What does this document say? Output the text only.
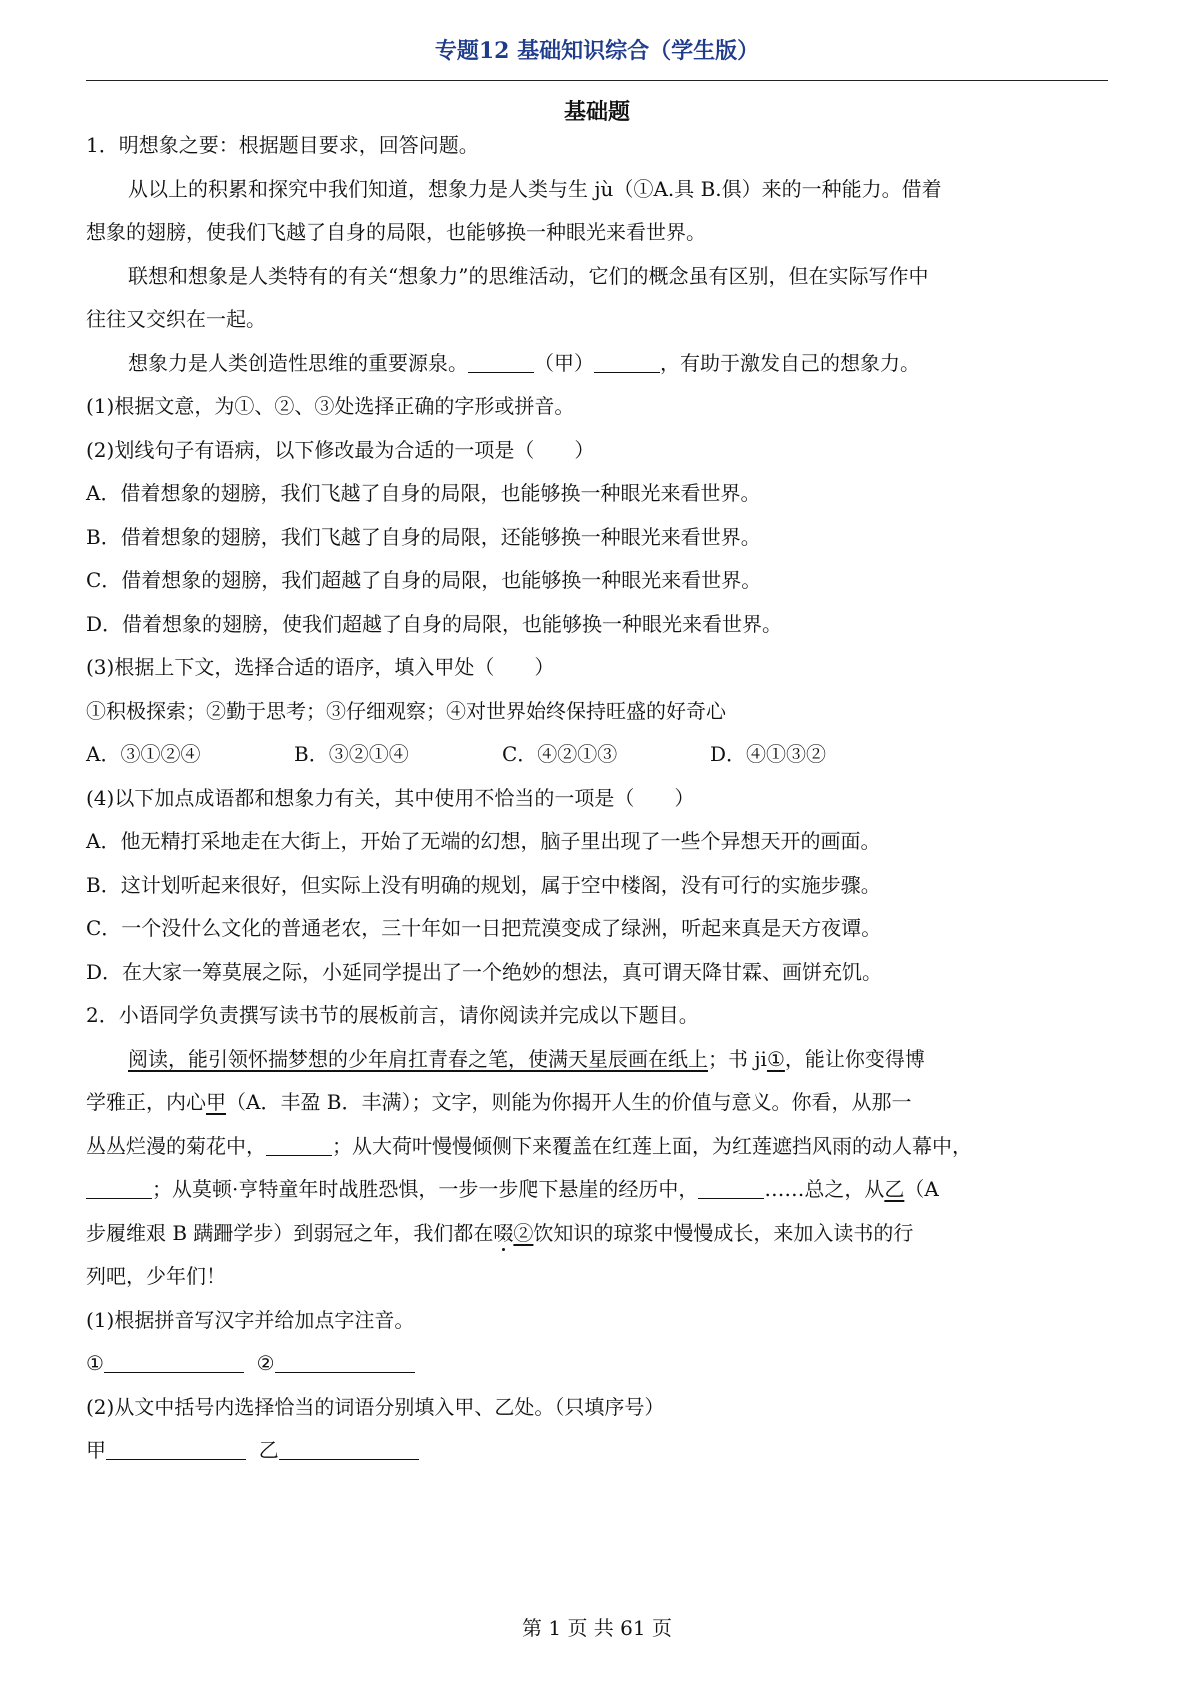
专题12 基础知识综合（学生版）
基础题
1．明想象之要：根据题目要求，回答问题。
从以上的积累和探究中我们知道，想象力是人类与生 jù（①A.具 B.俱）来的一种能力。借着
想象的翅膀，使我们飞越了自身的局限，也能够换一种眼光来看世界。
联想和想象是人类特有的有关“想象力”的思维活动，它们的概念虽有区别，但在实际写作中
往往又交织在一起。
想象力是人类创造性思维的重要源泉。	（甲）	，有助于激发自己的想象力。
(1)根据文意，为①、②、③处选择正确的字形或拼音。
(2)划线句子有语病，以下修改最为合适的一项是（　　）
A．借着想象的翅膀，我们飞越了自身的局限，也能够换一种眼光来看世界。
B．借着想象的翅膀，我们飞越了自身的局限，还能够换一种眼光来看世界。
C．借着想象的翅膀，我们超越了自身的局限，也能够换一种眼光来看世界。
D．借着想象的翅膀，使我们超越了自身的局限，也能够换一种眼光来看世界。
(3)根据上下文，选择合适的语序，填入甲处（　　）
①积极探索；②勤于思考；③仔细观察；④对世界始终保持旺盛的好奇心
A．③①②④	B．③②①④	C．④②①③	D．④①③②
(4)以下加点成语都和想象力有关，其中使用不恰当的一项是（　　）
A．他无精打采地走在大街上，开始了无端的幻想，脑子里出现了一些个异想天开的画面。
B．这计划听起来很好，但实际上没有明确的规划，属于空中楼阁，没有可行的实施步骤。
C．一个没什么文化的普通老农，三十年如一日把荒漠变成了绿洲，听起来真是天方夜谭。
D．在大家一筹莫展之际，小延同学提出了一个绝妙的想法，真可谓天降甘霖、画饼充饥。
2．小语同学负责撰写读书节的展板前言，请你阅读并完成以下题目。
阅读，能引领怀揣梦想的少年肩扛青春之笔，使满天星辰画在纸上；书 ji①，能让你变得博
学雅正，内心甲（A．丰盈 B．丰满）；文字，则能为你揭开人生的价值与意义。你看，从那一
丛丛烂漫的菊花中，	；从大荷叶慢慢倾侧下来覆盖在红莲上面，为红莲遮挡风雨的动人幕中，
；从莫顿·亨特童年时战胜恐惧，一步一步爬下悬崖的经历中，	……总之，从乙（A
步履维艰 B 蹒跚学步）到弱冠之年，我们都在啜②饮知识的琼浆中慢慢成长，来加入读书的行
列吧，少年们！
(1)根据拼音写汉字并给加点字注音。
①	②
(2)从文中括号内选择恰当的词语分别填入甲、乙处。（只填序号）
甲	乙
第 1 页 共 61 页
